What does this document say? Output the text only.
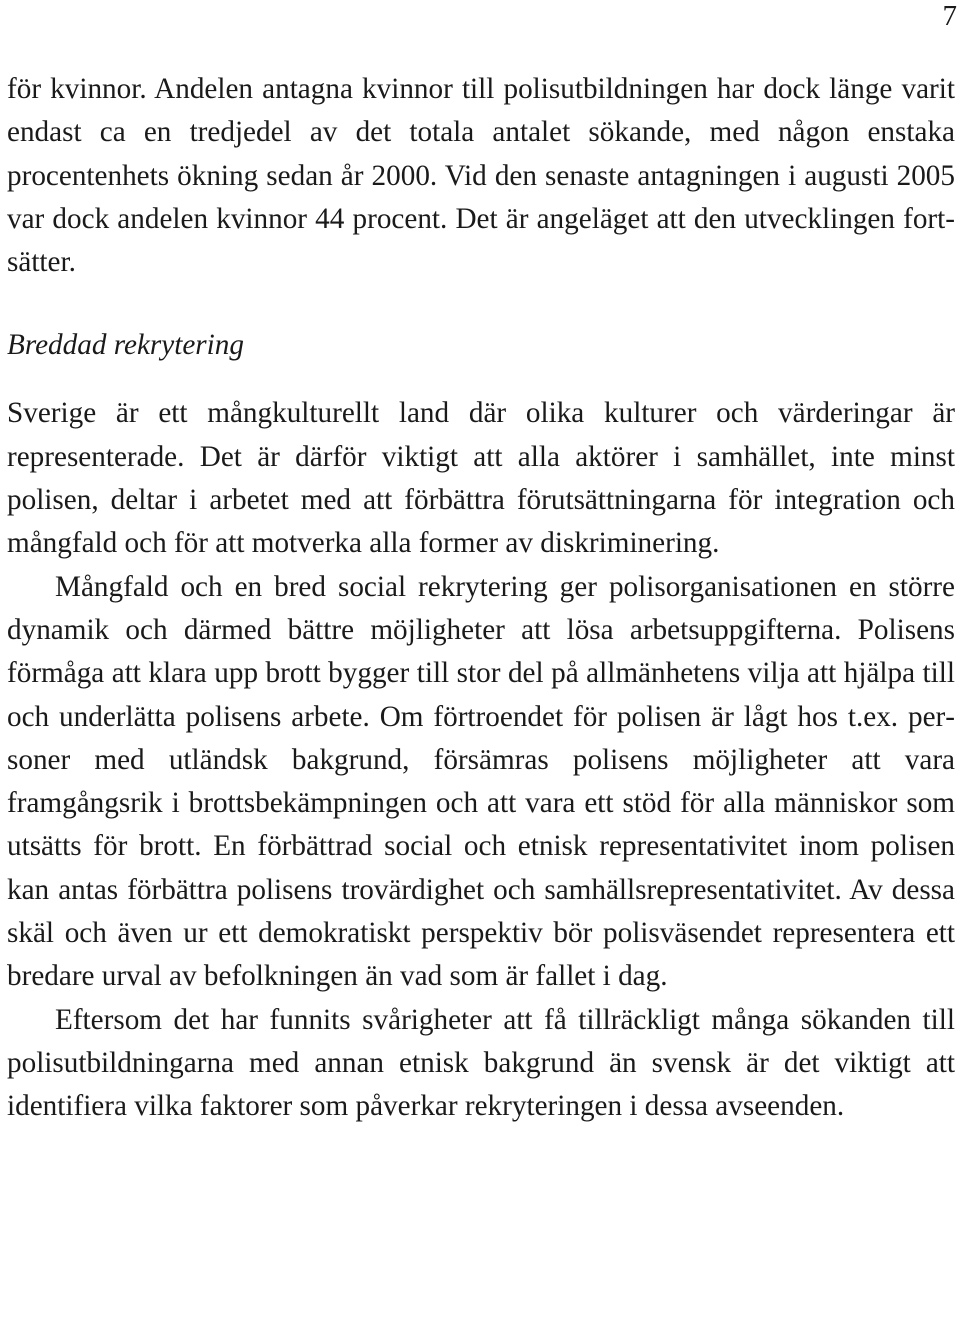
7

för kvinnor. Andelen antagna kvinnor till polisutbildningen har dock länge varit endast ca en tredjedel av det totala antalet sökande, med någon enstaka procentenhets ökning sedan år 2000. Vid den senaste antagningen i augusti 2005 var dock andelen kvinnor 44 procent. Det är angeläget att den utvecklingen fortsätter.

Breddad rekrytering

Sverige är ett mångkulturellt land där olika kulturer och värderingar är representerade. Det är därför viktigt att alla aktörer i samhället, inte minst polisen, deltar i arbetet med att förbättra förutsättningarna för integration och mångfald och för att motverka alla former av diskriminering.

Mångfald och en bred social rekrytering ger polisorganisationen en större dynamik och därmed bättre möjligheter att lösa arbetsuppgifterna. Polisens förmåga att klara upp brott bygger till stor del på allmänhetens vilja att hjälpa till och underlätta polisens arbete. Om förtroendet för polisen är lågt hos t.ex. personer med utländsk bakgrund, försämras polisens möjligheter att vara framgångsrik i brottsbekämpningen och att vara ett stöd för alla människor som utsätts för brott. En förbättrad social och etnisk representativitet inom polisen kan antas förbättra polisens trovärdighet och samhällsrepresentativitet. Av dessa skäl och även ur ett demokratiskt perspektiv bör polisväsendet representera ett bredare urval av befolkningen än vad som är fallet i dag.

Eftersom det har funnits svårigheter att få tillräckligt många sökanden till polisutbildningarna med annan etnisk bakgrund än svensk är det viktigt att identifiera vilka faktorer som påverkar rekryteringen i dessa avseenden.
